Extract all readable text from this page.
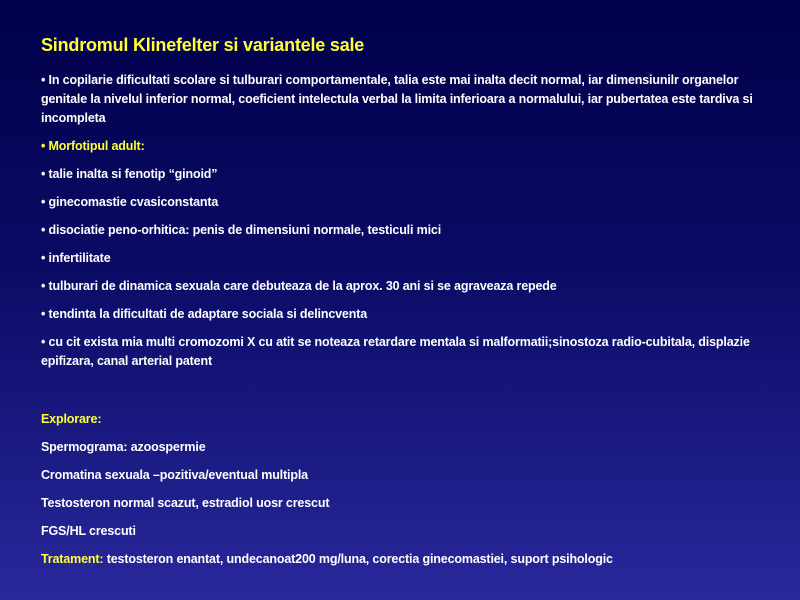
Sindromul Klinefelter si variantele sale
• In copilarie dificultati scolare si tulburari comportamentale, talia este mai inalta decit normal, iar dimensiunilr organelor genitale la nivelul inferior normal, coeficient intelectula verbal la limita inferioara a normalului, iar pubertatea este tardiva si incompleta
• Morfotipul adult:
• talie inalta si fenotip “ginoid”
• ginecomastie cvasiconstanta
• disociatie peno-orhitica: penis de dimensiuni normale, testiculi mici
• infertilitate
• tulburari de dinamica sexuala care debuteaza de la aprox. 30 ani si se agraveaza repede
• tendinta la dificultati de adaptare sociala si delincventa
• cu cit exista mia multi cromozomi X cu atit se noteaza retardare mentala si malformatii;sinostoza radio-cubitala, displazie epifizara, canal arterial patent
Explorare:
Spermograma: azoospermie
Cromatina sexuala –pozitiva/eventual multipla
Testosteron normal scazut, estradiol uosr crescut
FGS/HL crescuti
Tratament: testosteron enantat, undecanoat200 mg/luna, corectia ginecomastiei, suport psihologic
